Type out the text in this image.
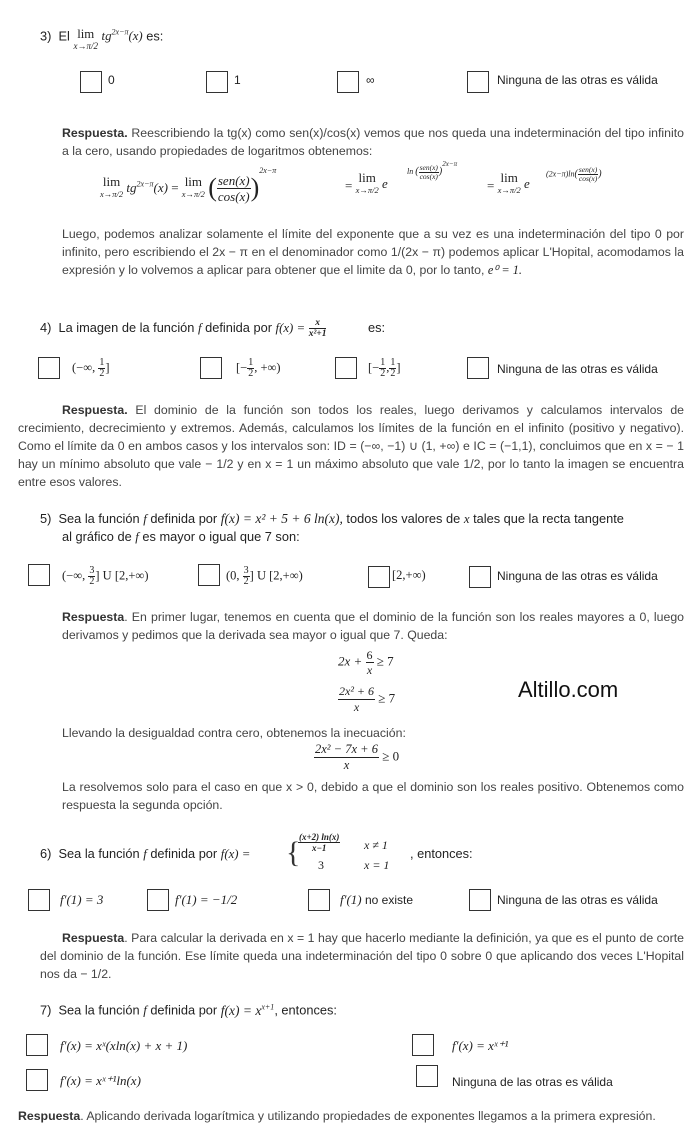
3) El lim
x→π/2
$tg^{2x-\pi}(x)$ es:
0	1	∞	Ninguna de las otras es válida
Respuesta. Reescribiendo la tg(x) como sen(x)/cos(x) vemos que nos queda una indeterminación del tipo infinito a la cero, usando propiedades de logaritmos obtenemos:
lim
x→π/2 $tg^{2x-\pi}(x) = \lim$
x→π/2 ( $\frac{\text{sen(x)}}{\cos(x)} )^{2x-\pi}$
=
lim
x→π/2 e
ln ( $\frac{\text{sen(x)}}{\cos(x)} )^{2x-\pi}$
=
lim
x→π/2 e
$(2x-\pi)\ln( \frac{\text{sen(x)}}{\cos(x)}$ )
Luego, podemos analizar solamente el límite del exponente que a su vez es una indeterminación del tipo 0 por infinito, pero escribiendo el 2x − π en el denominador como 1/(2x − π) podemos aplicar L'Hopital, acomodamos la expresión y lo volvemos a aplicar para obtener que el limite da 0, por lo tanto, e⁰ = 1.
4) La imagen de la función f definida por $f(x) = \frac{x}{\text{x²+1}}$	es:
(−∞, $\frac{1}{2}$ ]	[− $\frac{1}{2}$ , +∞)	[− $\frac{1}{2}$ , $\frac{1}{2}$ ]	Ninguna de las otras es válida
Respuesta. El dominio de la función son todos los reales, luego derivamos y calculamos intervalos de crecimiento, decrecimiento y extremos. Además, calculamos los límites de la función en el infinito (positivo y negativo). Como el límite da 0 en ambos casos y los intervalos son: ID = (−∞, −1) ∪ (1, +∞) e IC = (−1,1), concluimos que en x = − 1 hay un mínimo absoluto que vale − 1/2 y en x = 1 un máximo absoluto que vale 1/2, por lo tanto la imagen se encuentra entre esos valores.
5) Sea la función f definida por f(x) = x² + 5 + 6 ln(x), todos los valores de x tales que la recta tangente
al gráfico de f es mayor o igual que 7 son:
(−∞, $\frac{3}{2}$ ] U [2,+∞)	(0, $\frac{3}{2}$ ] U [2,+∞)	[2,+∞)	Ninguna de las otras es válida
Respuesta. En primer lugar, tenemos en cuenta que el dominio de la función son los reales mayores a 0, luego derivamos y pedimos que la derivada sea mayor o igual que 7. Queda:
$2x + \frac{6}{x} \ge 7$
Altillo.com
$\frac{\text{2x² + 6}}{x} \ge 7$
Llevando la desigualdad contra cero, obtenemos la inecuación:
$\frac{\text{2x² − 7x + 6}}{x} \ge 0$
La resolvemos solo para el caso en que x > 0, debido a que el dominio son los reales positivo. Obtenemos como respuesta la segunda opción.
6) Sea la función f definida por f(x) = {
$\frac{(x+2) \ln(x)}{x-1}$ x ≠ 1
3	x = 1
, entonces:
f′(1) = 3	f′(1) = −1/2	f′(1) no existe	Ninguna de las otras es válida
Respuesta. Para calcular la derivada en x = 1 hay que hacerlo mediante la definición, ya que es el punto de corte del dominio de la función. Ese límite queda una indeterminación del tipo 0 sobre 0 que aplicando dos veces L'Hopital nos da − 1/2.
7) Sea la función f definida por $f(x) = x^{x+1}$, entonces:
f′(x) = xˣ(xln(x) + x + 1)	f′(x) = xˣ⁺¹
f′(x) = xˣ⁺¹ln(x)	Ninguna de las otras es válida
Respuesta. Aplicando derivada logarítmica y utilizando propiedades de exponentes llegamos a la primera expresión.
